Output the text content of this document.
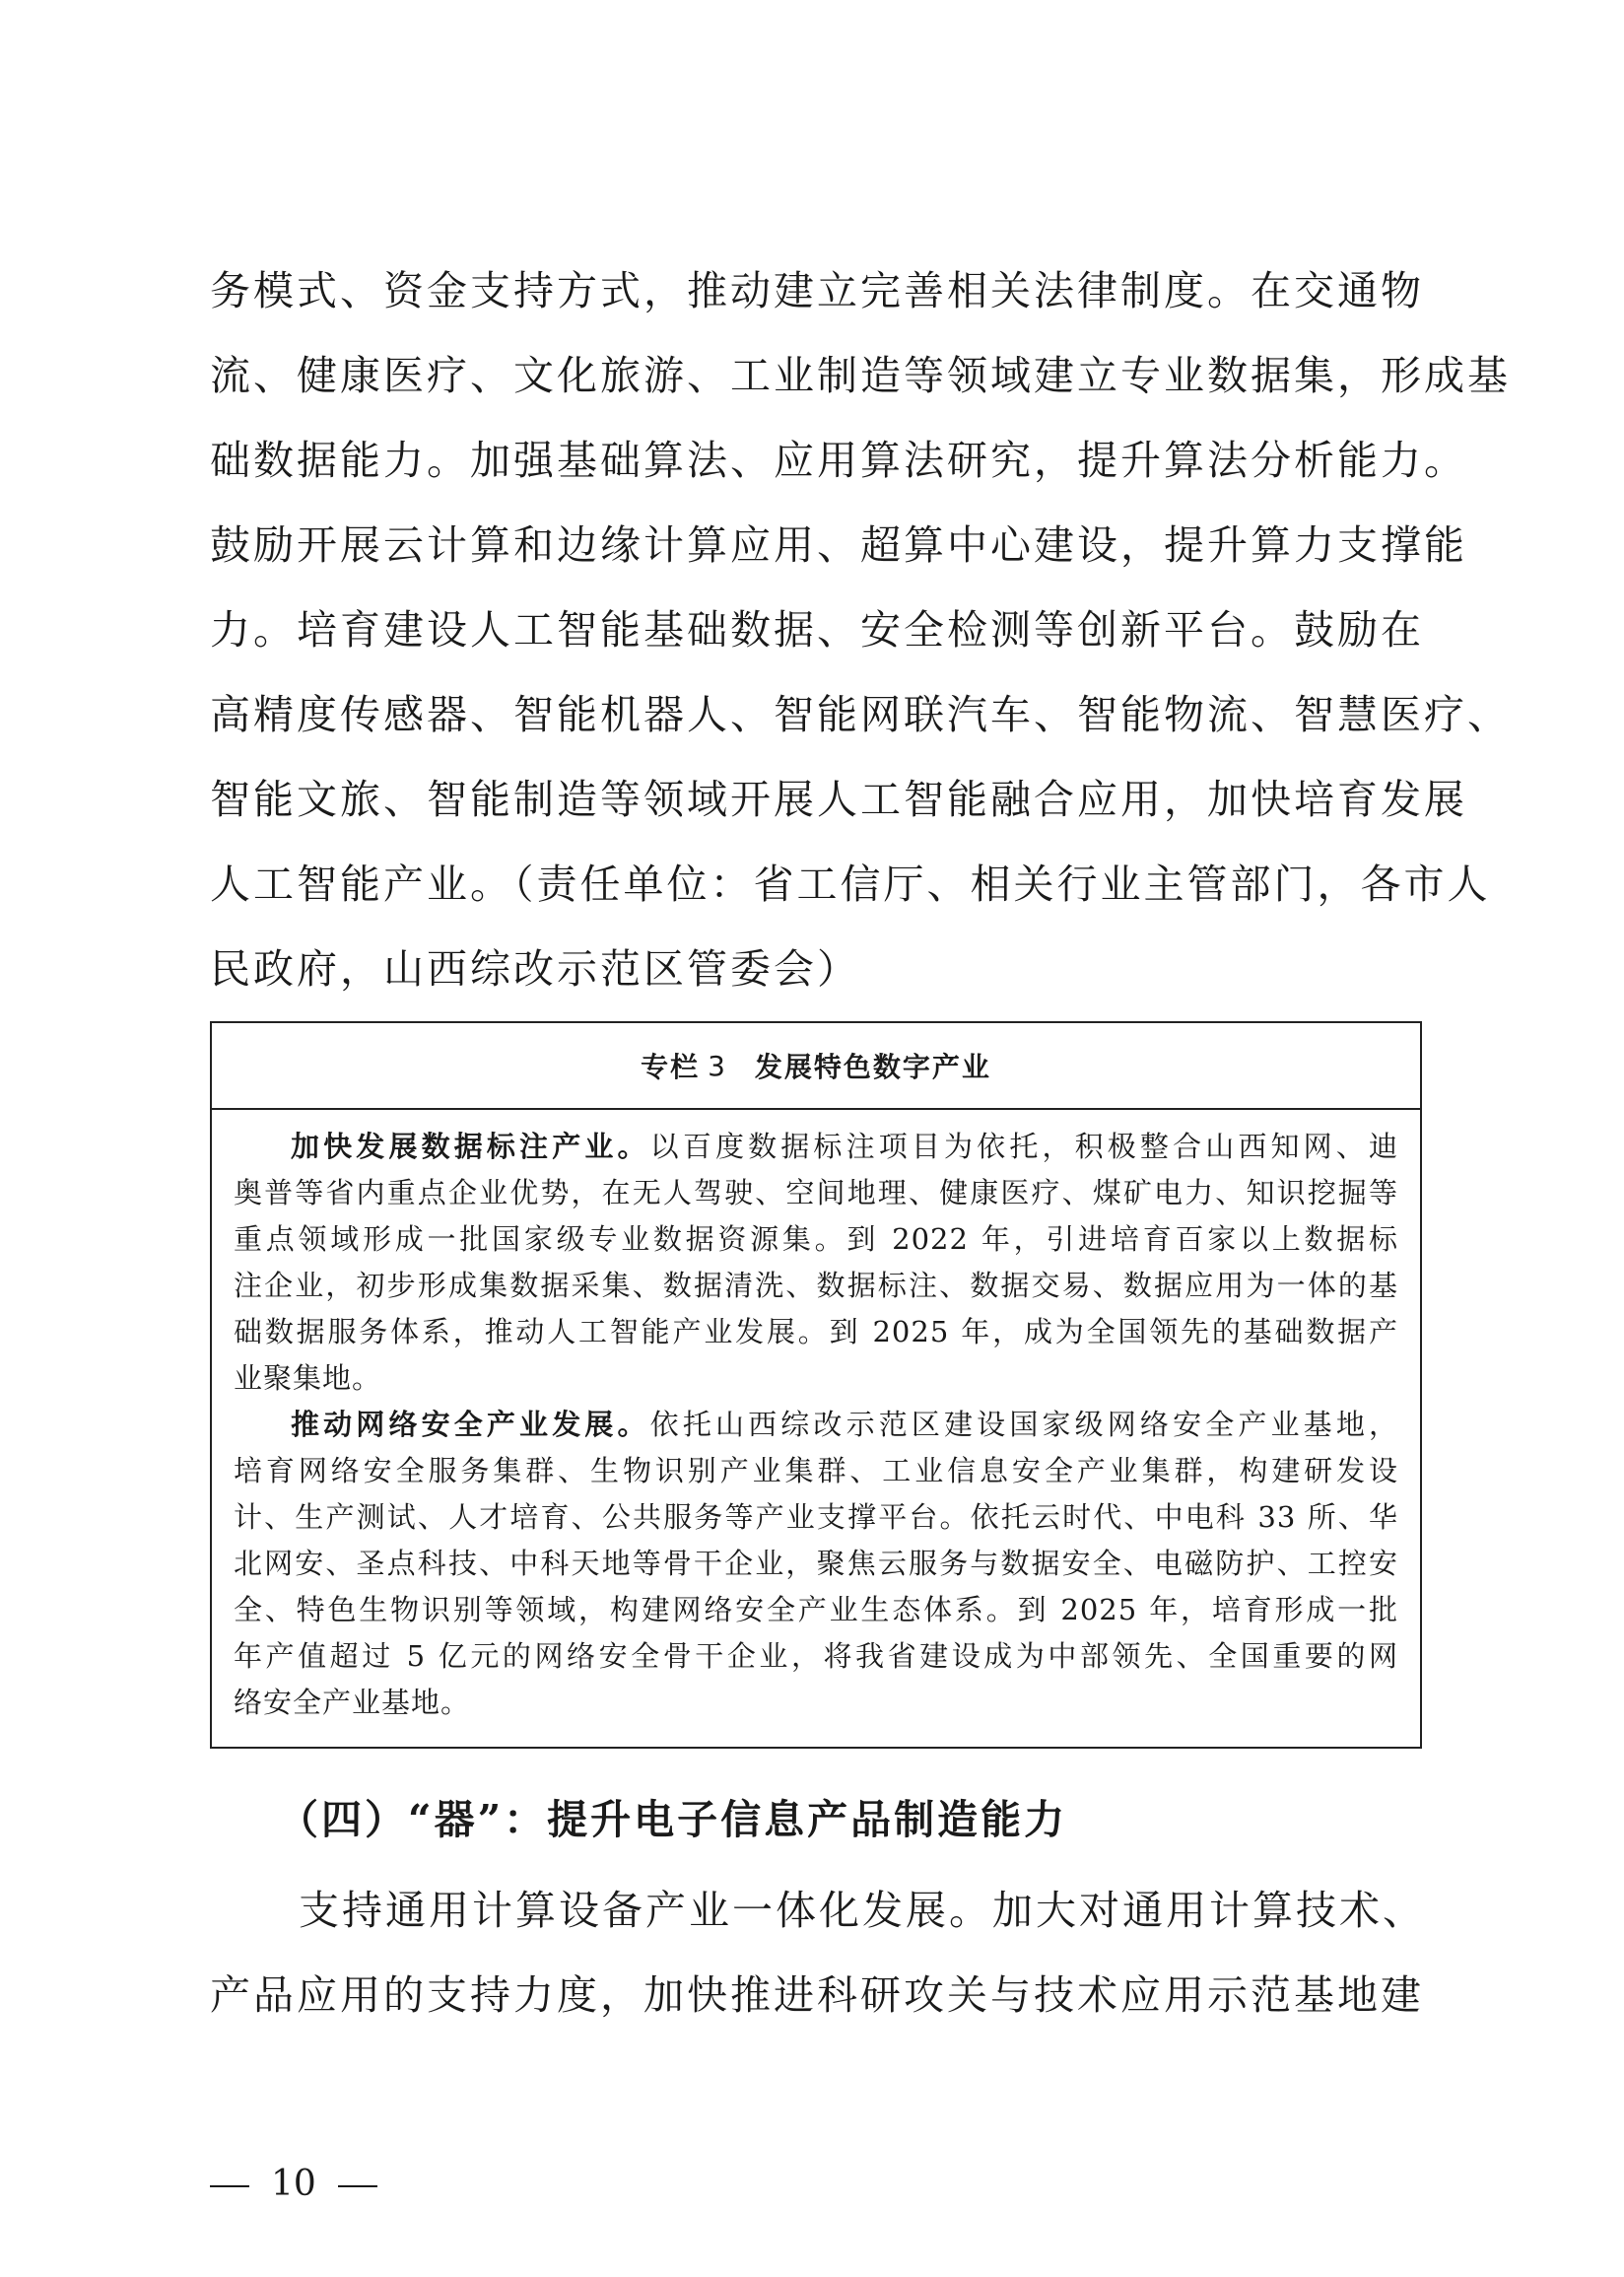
务模式、资金支持方式，推动建立完善相关法律制度。在交通物
流、健康医疗、文化旅游、工业制造等领域建立专业数据集，形成基
础数据能力。加强基础算法、应用算法研究，提升算法分析能力。
鼓励开展云计算和边缘计算应用、超算中心建设，提升算力支撑能
力。培育建设人工智能基础数据、安全检测等创新平台。鼓励在
高精度传感器、智能机器人、智能网联汽车、智能物流、智慧医疗、
智能文旅、智能制造等领域开展人工智能融合应用，加快培育发展
人工智能产业。（责任单位：省工信厅、相关行业主管部门，各市人
民政府，山西综改示范区管委会）
专栏 3 发展特色数字产业
加快发展数据标注产业。以百度数据标注项目为依托，积极整合山西知网、迪
奥普等省内重点企业优势，在无人驾驶、空间地理、健康医疗、煤矿电力、知识挖掘等
重点领域形成一批国家级专业数据资源集。到 2022 年，引进培育百家以上数据标
注企业，初步形成集数据采集、数据清洗、数据标注、数据交易、数据应用为一体的基
础数据服务体系，推动人工智能产业发展。到 2025 年，成为全国领先的基础数据产
业聚集地。
推动网络安全产业发展。依托山西综改示范区建设国家级网络安全产业基地，
培育网络安全服务集群、生物识别产业集群、工业信息安全产业集群，构建研发设
计、生产测试、人才培育、公共服务等产业支撑平台。依托云时代、中电科 33 所、华
北网安、圣点科技、中科天地等骨干企业，聚焦云服务与数据安全、电磁防护、工控安
全、特色生物识别等领域，构建网络安全产业生态体系。到 2025 年，培育形成一批
年产值超过 5 亿元的网络安全骨干企业，将我省建设成为中部领先、全国重要的网
络安全产业基地。
（四）“器”：提升电子信息产品制造能力
支持通用计算设备产业一体化发展。加大对通用计算技术、
产品应用的支持力度，加快推进科研攻关与技术应用示范基地建
10
